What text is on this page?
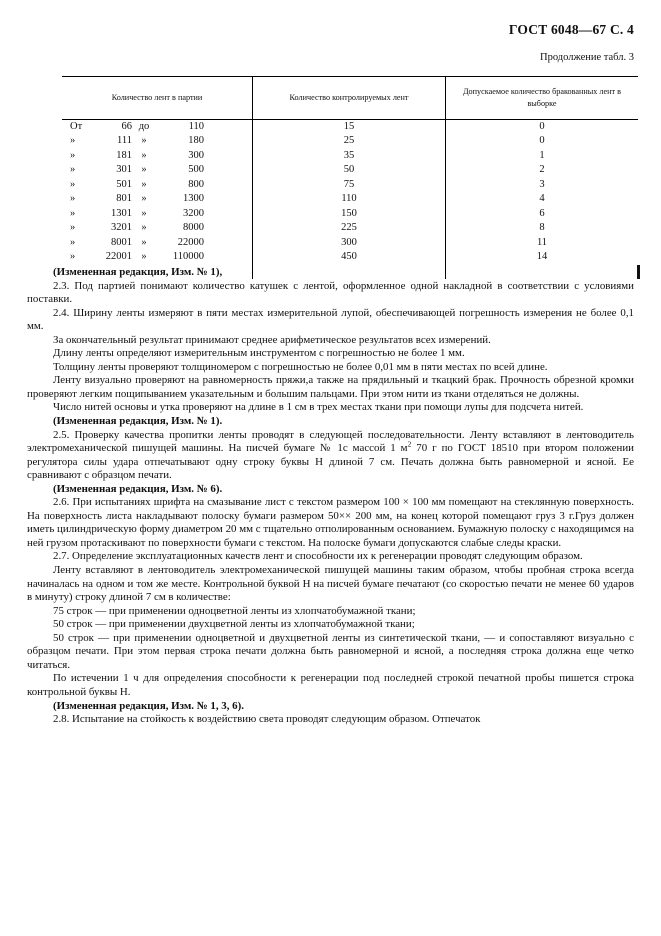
ГОСТ 6048—67 С. 4
Продолжение табл. 3
Количество лент в партии	Количество контролируемых лент	Допускаемое количество бракованных лент в выборке

От 66 до 110	15	0

» 111 » 180	25	0

» 181 » 300	35	1

» 301 » 500	50	2

» 501 » 800	75	3

» 801 » 1300	110	4

» 1301 » 3200	150	6

» 3201 » 8000	225	8

» 8001 » 22000	300	11

» 22001 » 110000	450	14

(Измененная редакция, Изм. № 1),

2.3. Под партией понимают количество катушек с лентой, оформленное одной накладной в соответствии с условиями поставки.

2.4. Ширину ленты измеряют в пяти местах измерительной лупой, обеспечивающей погрешность измерения не более 0,1 мм.

За окончательный результат принимают среднее арифметическое результатов всех измерений.

Длину ленты определяют измерительным инструментом с погрешностью не более 1 мм.

Толщину ленты проверяют толщиномером с погрешностью не более 0,01 мм в пяти местах по всей длине.

Ленту визуально проверяют на равномерность пряжи,а также на прядильный и ткацкий брак. Прочность обрезной кромки проверяют легким пощипыванием указательным и большим пальцами. При этом нити из ткани отделяться не должны.

Число нитей основы и утка проверяют на длине в 1 см в трех местах ткани при помощи лупы для подсчета нитей.

(Измененная редакция, Изм. № 1).

2.5. Проверку качества пропитки ленты проводят в следующей последовательности. Ленту вставляют в лентоводитель электромеханической пишущей машины. На писчей бумаге № 1с массой 1 $м^2$ 70 г по ГОСТ 18510 при втором положении регулятора силы удара отпечатывают одну строку буквы Н длиной 7 см. Печать должна быть равномерной и ясной. Ее сравнивают с образцом печати.

(Измененная редакция, Изм. № 6).

2.6. При испытаниях шрифта на смазывание лист с текстом размером 100 × 100 мм помещают на стеклянную поверхность. На поверхность листа накладывают полоску бумаги размером 50×× 200 мм, на конец которой помещают груз 3 г.Груз должен иметь цилиндрическую форму диаметром 20 мм с тщательно отполированным основанием. Бумажную полоску с находящимся на ней грузом протаскивают по поверхности бумаги с текстом. На полоске бумаги допускаются слабые следы краски.

2.7. Определение эксплуатационных качеств лент и способности их к регенерации проводят следующим образом.

Ленту вставляют в лентоводитель электромеханической пишущей машины таким образом, чтобы пробная строка всегда начиналась на одном и том же месте. Контрольной буквой Н на писчей бумаге печатают (со скоростью печати не менее 60 ударов в минуту) строку длиной 7 см в количестве:

75 строк — при применении одноцветной ленты из хлопчатобумажной ткани;

50 строк — при применении двухцветной ленты из хлопчатобумажной ткани;

50 строк — при применении одноцветной и двухцветной ленты из синтетической ткани, — и сопоставляют визуально с образцом печати. При этом первая строка печати должна быть равномерной и ясной, а последняя строка должна еще четко читаться.

По истечении 1 ч для определения способности к регенерации под последней строкой печатной пробы пишется строка контрольной буквы Н.

(Измененная редакция, Изм. № 1, 3, 6).

2.8. Испытание на стойкость к воздействию света проводят следующим образом. Отпечаток
